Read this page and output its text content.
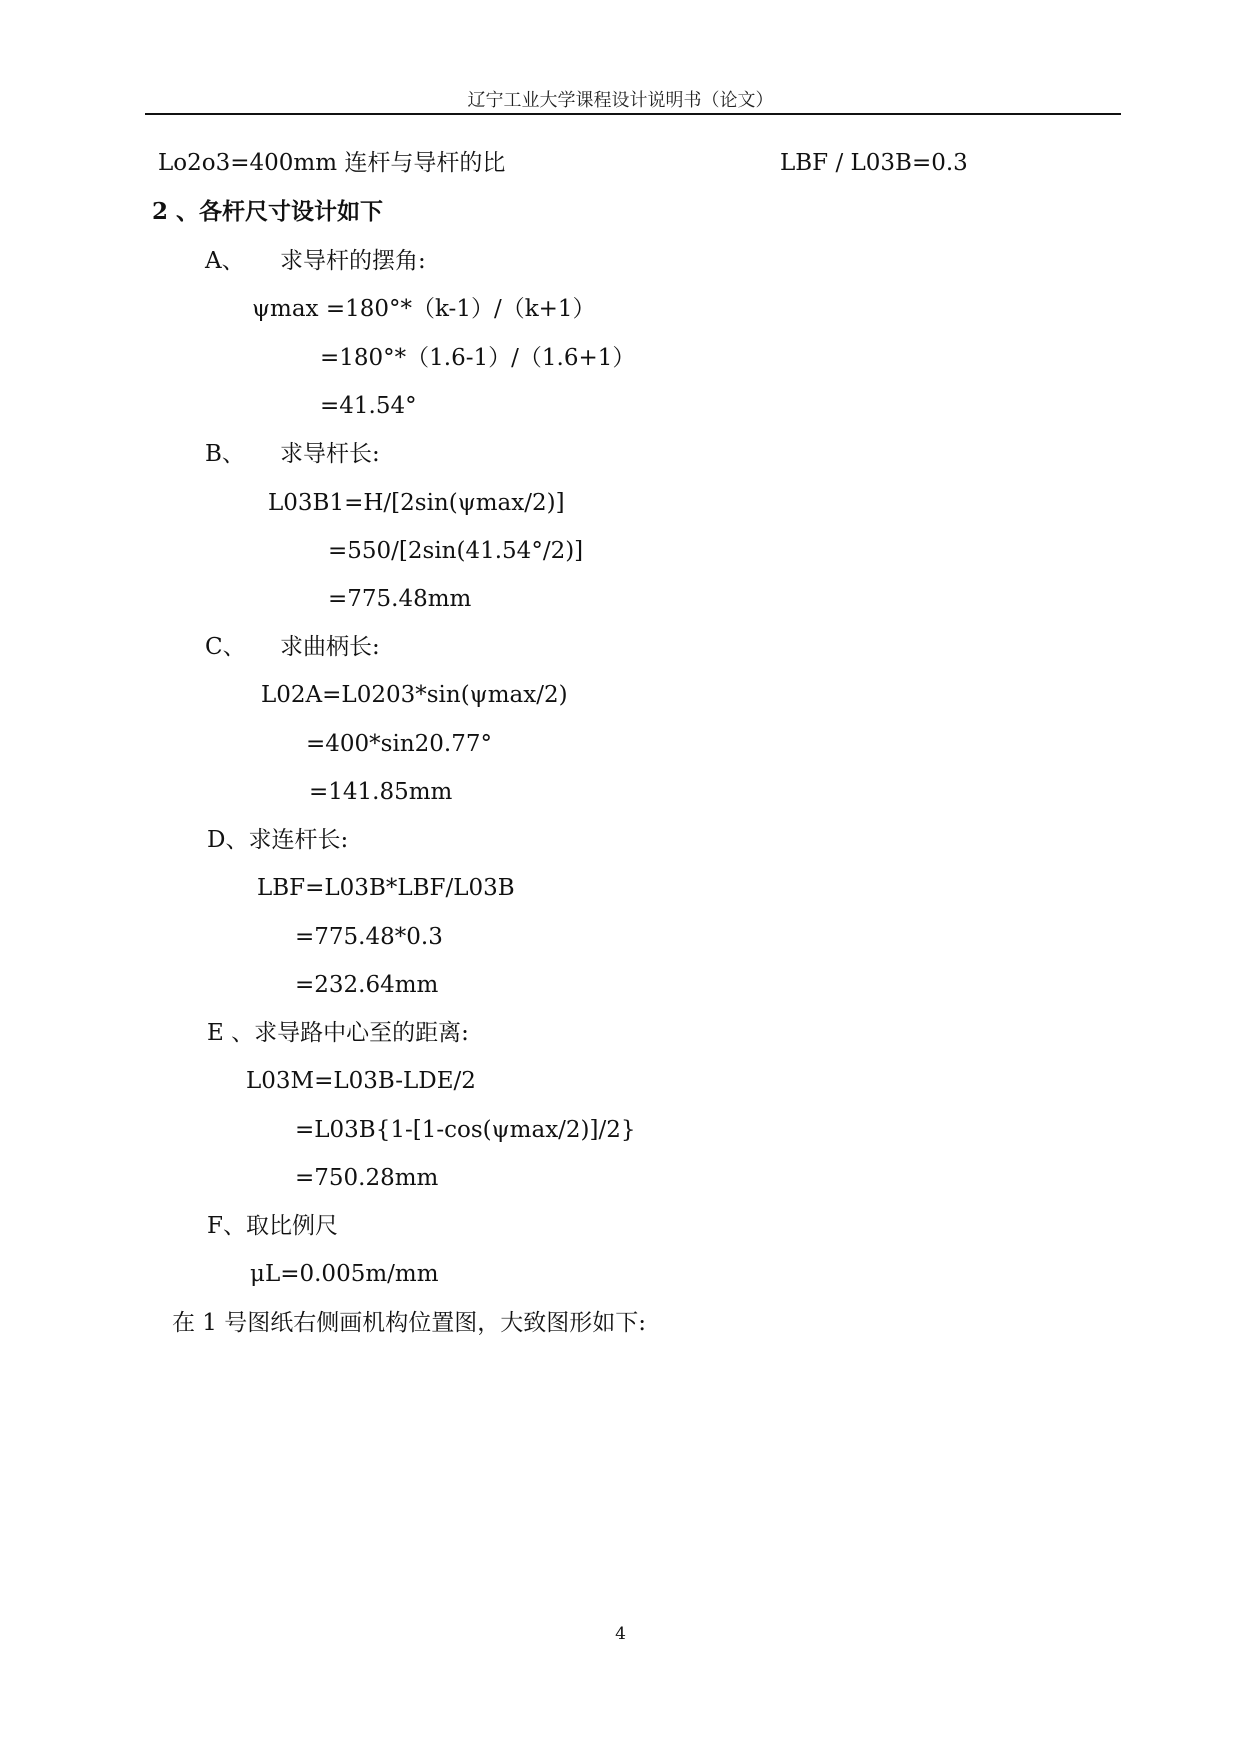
辽宁工业大学课程设计说明书（论文）
Lo2o3=400mm 连杆与导杆的比	LBF / L03B=0.3
2 、各杆尺寸设计如下
A、 求导杆的摆角:
ψmax =180°*（k-1）/（k+1）
=180°*（1.6-1）/（1.6+1）
=41.54°
B、 求导杆长:
L03B1=H/[2sin(ψmax/2)]
=550/[2sin(41.54°/2)]
=775.48mm
C、 求曲柄长:
L02A=L0203*sin(ψmax/2)
=400*sin20.77°
=141.85mm
D、求连杆长:
LBF=L03B*LBF/L03B
=775.48*0.3
=232.64mm
E 、求导路中心至的距离:
L03M=L03B-LDE/2
=L03B{1-[1-cos(ψmax/2)]/2}
=750.28mm
F、取比例尺
μL=0.005m/mm
在 1 号图纸右侧画机构位置图，大致图形如下:
4
